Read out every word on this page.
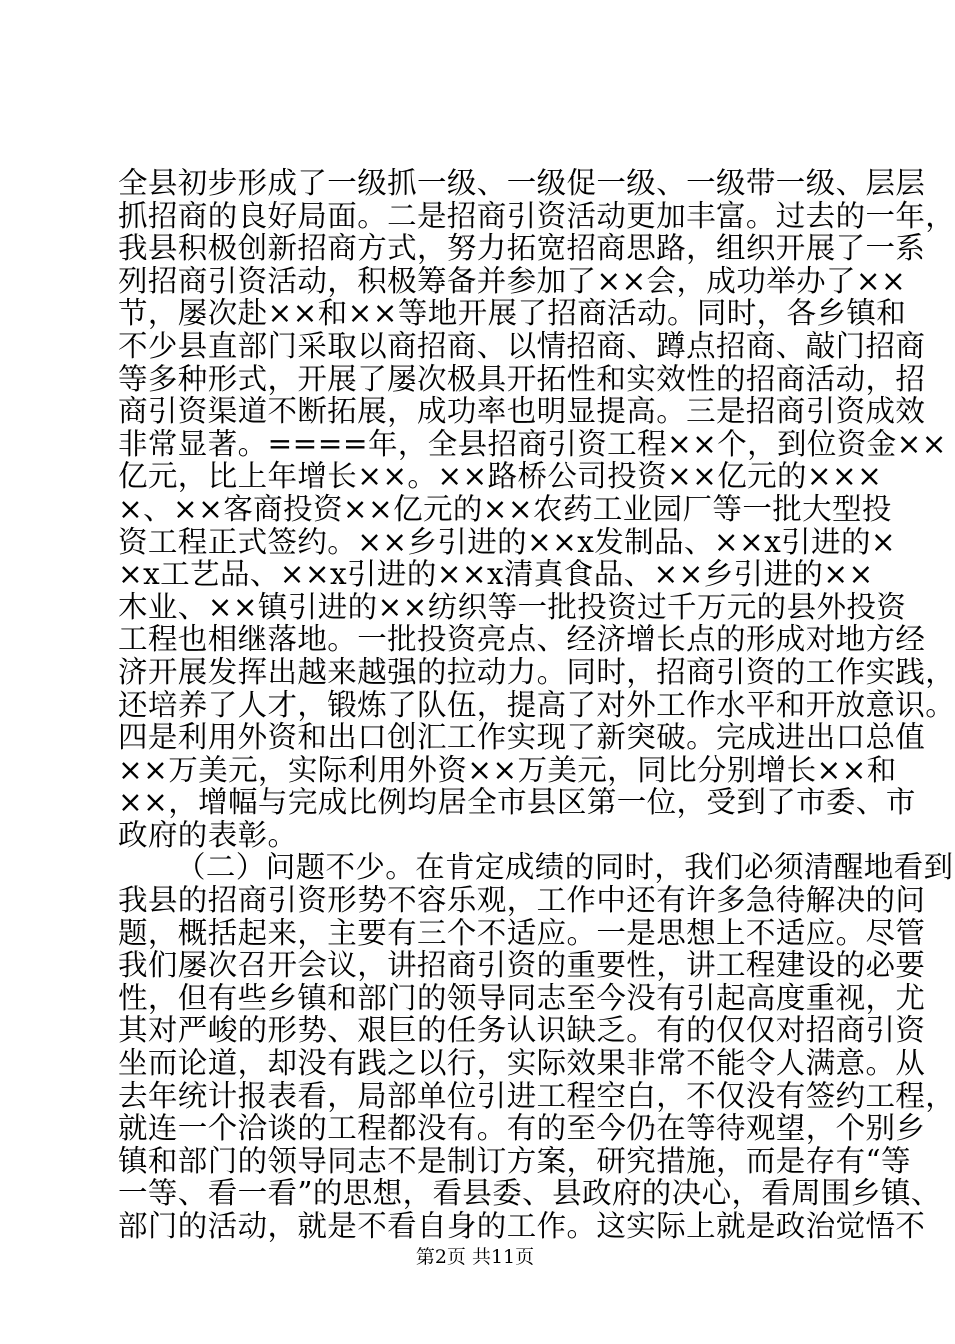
全县初步形成了一级抓一级、一级促一级、一级带一级、层层
抓招商的良好局面。二是招商引资活动更加丰富。过去的一年，
我县积极创新招商方式，努力拓宽招商思路，组织开展了一系
列招商引资活动，积极筹备并参加了××会，成功举办了××
节，屡次赴××和××等地开展了招商活动。同时，各乡镇和
不少县直部门采取以商招商、以情招商、蹲点招商、敲门招商
等多种形式，开展了屡次极具开拓性和实效性的招商活动，招
商引资渠道不断拓展，成功率也明显提高。三是招商引资成效
非常显著。====年，全县招商引资工程××个，到位资金××
亿元，比上年增长××。××路桥公司投资××亿元的×××
×、××客商投资××亿元的××农药工业园厂等一批大型投
资工程正式签约。××乡引进的××x发制品、××x引进的×
×x工艺品、××x引进的××x清真食品、××乡引进的××
木业、××镇引进的××纺织等一批投资过千万元的县外投资
工程也相继落地。一批投资亮点、经济增长点的形成对地方经
济开展发挥出越来越强的拉动力。同时，招商引资的工作实践，
还培养了人才，锻炼了队伍，提高了对外工作水平和开放意识。
四是利用外资和出口创汇工作实现了新突破。完成进出口总值
××万美元，实际利用外资××万美元，同比分别增长××和
××，增幅与完成比例均居全市县区第一位，受到了市委、市
政府的表彰。
（二）问题不少。在肯定成绩的同时，我们必须清醒地看到
我县的招商引资形势不容乐观，工作中还有许多急待解决的问
题，概括起来，主要有三个不适应。一是思想上不适应。尽管
我们屡次召开会议，讲招商引资的重要性，讲工程建设的必要
性，但有些乡镇和部门的领导同志至今没有引起高度重视，尤
其对严峻的形势、艰巨的任务认识缺乏。有的仅仅对招商引资
坐而论道，却没有践之以行，实际效果非常不能令人满意。从
去年统计报表看，局部单位引进工程空白，不仅没有签约工程，
就连一个洽谈的工程都没有。有的至今仍在等待观望，个别乡
镇和部门的领导同志不是制订方案，研究措施，而是存有“等
一等、看一看”的思想，看县委、县政府的决心，看周围乡镇、
部门的活动，就是不看自身的工作。这实际上就是政治觉悟不
第2页 共11页
